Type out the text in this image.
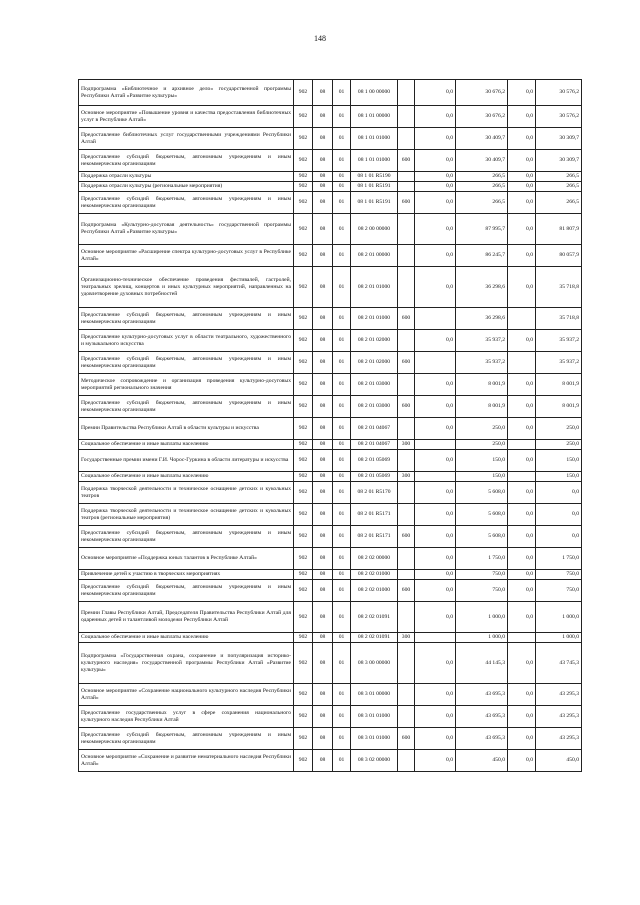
148
Подпрограмма «Библиотечное и архивное дело» государственной программы Республики Алтай «Развитие культуры»	902	08	01	08 1 00 00000		0,0	30 676,2	0,0	30 576,2
Основное мероприятие «Повышение уровня и качества предоставления библиотечных услуг в Республике Алтай»	902	08	01	08 1 01 00000		0,0	30 676,2	0,0	30 576,2
Предоставление библиотечных услуг государственными учреждениями Республики Алтай	902	08	01	08 1 01 01000		0,0	30 409,7	0,0	30 309,7
Предоставление субсидий бюджетным, автономным учреждениям и иным некоммерческим организациям	902	08	01	08 1 01 01000	600	0,0	30 409,7	0,0	30 309,7
Поддержка отрасли культуры	902	08	01	08 1 01 R5190		0,0	266,5	0,0	266,5
Поддержка отрасли культуры (региональные мероприятия)	902	08	01	08 1 01 R5191		0,0	266,5	0,0	266,5
Предоставление субсидий бюджетным, автономным учреждениям и иным некоммерческим организациям	902	08	01	08 1 01 R5191	600	0,0	266,5	0,0	266,5
Подпрограмма «Культурно-досуговая деятельность» государственной программы Республики Алтай «Развитие культуры»	902	08	01	08 2 00 00000		0,0	87 995,7	0,0	81 807,9
Основное мероприятие «Расширение спектра культурно-досуговых услуг в Республике Алтай»	902	08	01	08 2 01 00000		0,0	86 245,7	0,0	80 057,9
Организационно-техническое обеспечение проведения фестивалей, гастролей, театральных зрелищ, концертов и иных культурных мероприятий, направленных на удовлетворение духовных потребностей	902	08	01	08 2 01 01000		0,0	36 298,6	0,0	35 718,8
Предоставление субсидий бюджетным, автономным учреждениям и иным некоммерческим организациям	902	08	01	08 2 01 01000	600		36 298,6		35 718,8
Предоставление культурно-досуговых услуг в области театрального, художественного и музыкального искусства	902	08	01	08 2 01 02000		0,0	35 937,2	0,0	35 937,2
Предоставление субсидий бюджетным, автономным учреждениям и иным некоммерческим организациям	902	08	01	08 2 01 02000	600		35 937,2		35 937,2
Методическое сопровождение и организация проведения культурно-досуговых мероприятий регионального значения	902	08	01	08 2 01 03000		0,0	8 001,9	0,0	8 001,9
Предоставление субсидий бюджетным, автономным учреждениям и иным некоммерческим организациям	902	08	01	08 2 01 03000	600	0,0	8 001,9	0,0	8 001,9
Премии Правительства Республики Алтай в области культуры и искусства	902	08	01	08 2 01 04067		0,0	250,0	0,0	250,0
Социальное обеспечение и иные выплаты населению	902	08	01	08 2 01 04067	300		250,0		250,0
Государственные премии имени Г.И. Чорос-Гуркина в области литературы и искусства	902	08	01	08 2 01 05069		0,0	150,0	0,0	150,0
Социальное обеспечение и иные выплаты населению	902	08	01	08 2 01 05069	300		150,0		150,0
Поддержка творческой деятельности и техническое оснащение детских и кукольных театров	902	08	01	08 2 01 R5170		0,0	5 608,0	0,0	0,0
Поддержка творческой деятельности и техническое оснащение детских и кукольных театров (региональные мероприятия)	902	08	01	08 2 01 R5171		0,0	5 608,0	0,0	0,0
Предоставление субсидий бюджетным, автономным учреждениям и иным некоммерческим организациям	902	08	01	08 2 01 R5171	600	0,0	5 608,0	0,0	0,0
Основное мероприятие «Поддержка юных талантов в Республике Алтай»	902	08	01	08 2 02 00000		0,0	1 750,0	0,0	1 750,0
Привлечение детей к участию в творческих мероприятиях	902	08	01	08 2 02 01000		0,0	750,0	0,0	750,0
Предоставление субсидий бюджетным, автономным учреждениям и иным некоммерческим организациям	902	08	01	08 2 02 01000	600	0,0	750,0	0,0	750,0
Премии Главы Республики Алтай, Председателя Правительства Республики Алтай для одаренных детей и талантливой молодежи Республики Алтай	902	08	01	08 2 02 01091		0,0	1 000,0	0,0	1 000,0
Социальное обеспечение и иные выплаты населению	902	08	01	08 2 02 01091	300		1 000,0		1 000,0
Подпрограмма «Государственная охрана, сохранение и популяризация историко-культурного наследия» государственной программы Республики Алтай «Развитие культуры»	902	08	01	08 3 00 00000		0,0	44 145,3	0,0	43 745,3
Основное мероприятие «Сохранение национального культурного наследия Республики Алтай»	902	08	01	08 3 01 00000		0,0	43 695,3	0,0	43 295,3
Предоставление государственных услуг в сфере сохранения национального культурного наследия Республики Алтай	902	08	01	08 3 01 01000		0,0	43 695,3	0,0	43 295,3
Предоставление субсидий бюджетным, автономным учреждениям и иным некоммерческим организациям	902	08	01	08 3 01 01000	600	0,0	43 695,3	0,0	43 295,3
Основное мероприятие «Сохранение и развитие нематериального наследия Республики Алтай»	902	08	01	08 3 02 00000		0,0	450,0	0,0	450,0
